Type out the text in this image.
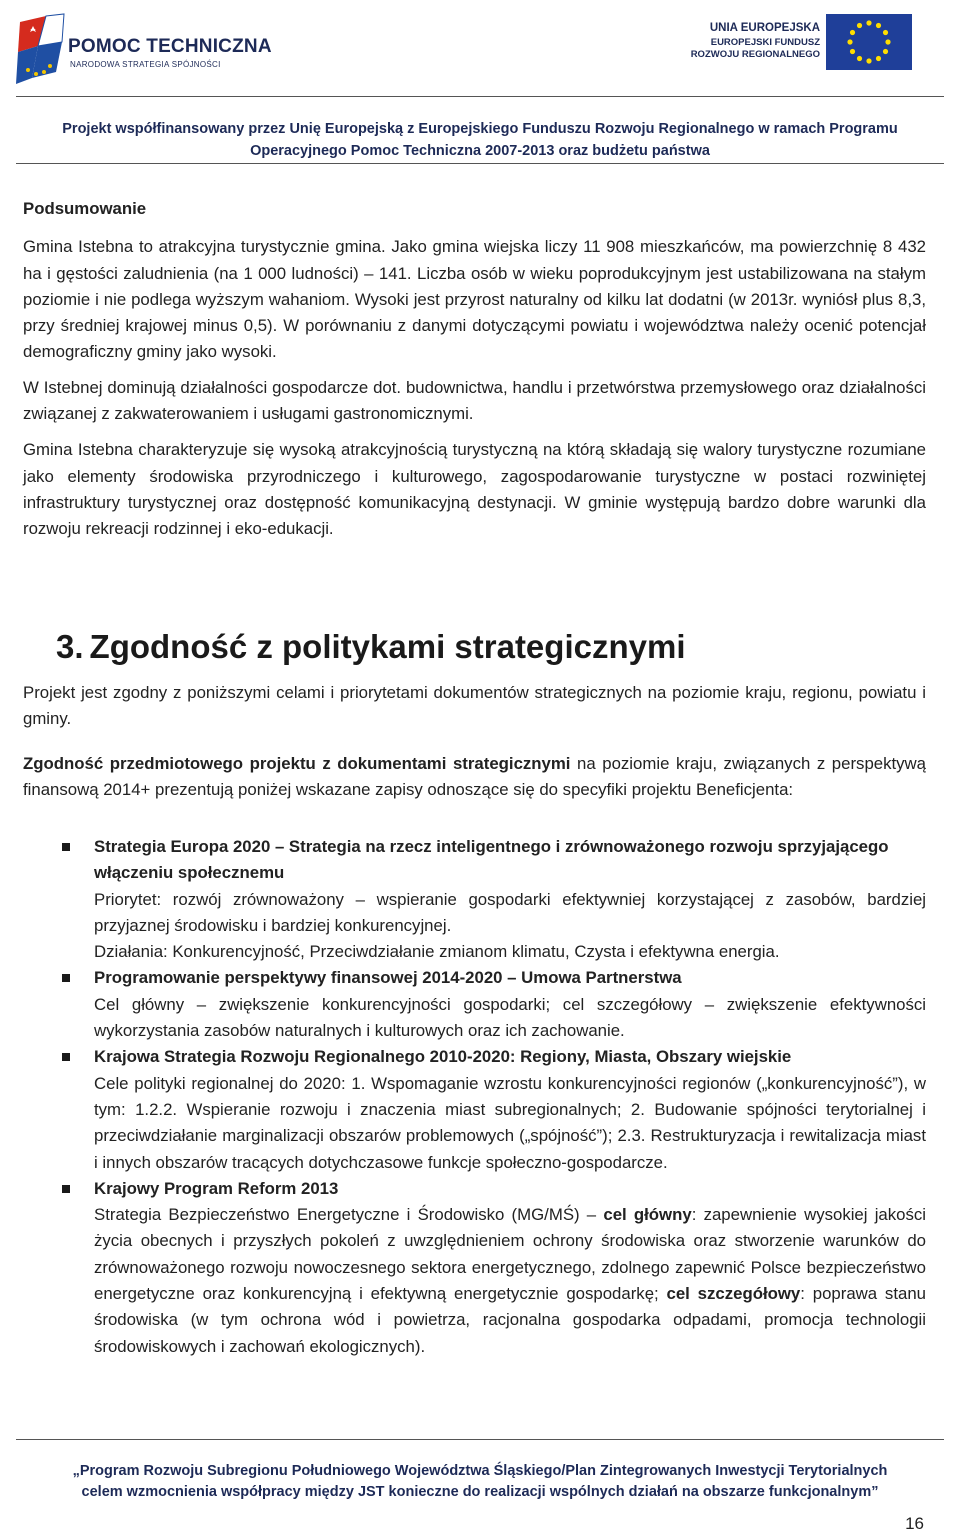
POMOC TECHNICZNA
NARODOWA STRATEGIA SPÓJNOŚCI
UNIA EUROPEJSKA
EUROPEJSKI FUNDUSZ
ROZWOJU REGIONALNEGO
Projekt współfinansowany przez Unię Europejską z Europejskiego Funduszu Rozwoju Regionalnego w ramach Programu
Operacyjnego Pomoc Techniczna 2007-2013 oraz budżetu państwa

Podsumowanie

Gmina Istebna to atrakcyjna turystycznie gmina. Jako gmina wiejska liczy 11 908 mieszkańców, ma powierzchnię 8 432 ha i gęstości zaludnienia (na 1 000 ludności) – 141. Liczba osób w wieku poprodukcyjnym jest ustabilizowana na stałym poziomie i nie podlega wyższym wahaniom. Wysoki jest przyrost naturalny od kilku lat dodatni (w 2013r. wyniósł plus 8,3, przy średniej krajowej minus 0,5). W porównaniu z danymi dotyczącymi powiatu i województwa należy ocenić potencjał demograficzny gminy jako wysoki.

W Istebnej dominują działalności gospodarcze dot. budownictwa, handlu i przetwórstwa przemysłowego oraz działalności związanej z zakwaterowaniem i usługami gastronomicznymi.

Gmina Istebna charakteryzuje się wysoką atrakcyjnością turystyczną na którą składają się walory turystyczne rozumiane jako elementy środowiska przyrodniczego i kulturowego, zagospodarowanie turystyczne w postaci rozwiniętej infrastruktury turystycznej oraz dostępność komunikacyjną destynacji. W gminie występują bardzo dobre warunki dla rozwoju rekreacji rodzinnej i eko-edukacji.

3. Zgodność z politykami strategicznymi

Projekt jest zgodny z poniższymi celami i priorytetami dokumentów strategicznych na poziomie kraju, regionu, powiatu i gminy.

Zgodność przedmiotowego projektu z dokumentami strategicznymi na poziomie kraju, związanych z perspektywą finansową 2014+ prezentują poniżej wskazane zapisy odnoszące się do specyfiki projektu Beneficjenta:

Strategia Europa 2020 – Strategia na rzecz inteligentnego i zrównoważonego rozwoju sprzyjającego włączeniu społecznemu

Priorytet: rozwój zrównoważony – wspieranie gospodarki efektywniej korzystającej z zasobów, bardziej przyjaznej środowisku i bardziej konkurencyjnej.

Działania: Konkurencyjność, Przeciwdziałanie zmianom klimatu, Czysta i efektywna energia.

Programowanie perspektywy finansowej 2014-2020 – Umowa Partnerstwa

Cel główny – zwiększenie konkurencyjności gospodarki; cel szczegółowy – zwiększenie efektywności wykorzystania zasobów naturalnych i kulturowych oraz ich zachowanie.

Krajowa Strategia Rozwoju Regionalnego 2010-2020: Regiony, Miasta, Obszary wiejskie

Cele polityki regionalnej do 2020: 1. Wspomaganie wzrostu konkurencyjności regionów („konkurencyjność”), w tym: 1.2.2. Wspieranie rozwoju i znaczenia miast subregionalnych; 2. Budowanie spójności terytorialnej i przeciwdziałanie marginalizacji obszarów problemowych („spójność”); 2.3. Restrukturyzacja i rewitalizacja miast i innych obszarów tracących dotychczasowe funkcje społeczno-gospodarcze.

Krajowy Program Reform 2013

Strategia Bezpieczeństwo Energetyczne i Środowisko (MG/MŚ) – cel główny: zapewnienie wysokiej jakości życia obecnych i przyszłych pokoleń z uwzględnieniem ochrony środowiska oraz stworzenie warunków do zrównoważonego rozwoju nowoczesnego sektora energetycznego, zdolnego zapewnić Polsce bezpieczeństwo energetyczne oraz konkurencyjną i efektywną energetycznie gospodarkę; cel szczegółowy: poprawa stanu środowiska (w tym ochrona wód i powietrza, racjonalna gospodarka odpadami, promocja technologii środowiskowych i zachowań ekologicznych).

„Program Rozwoju Subregionu Południowego Województwa Śląskiego/Plan Zintegrowanych Inwestycji Terytorialnych
celem wzmocnienia współpracy między JST konieczne do realizacji wspólnych działań na obszarze funkcjonalnym”
16
